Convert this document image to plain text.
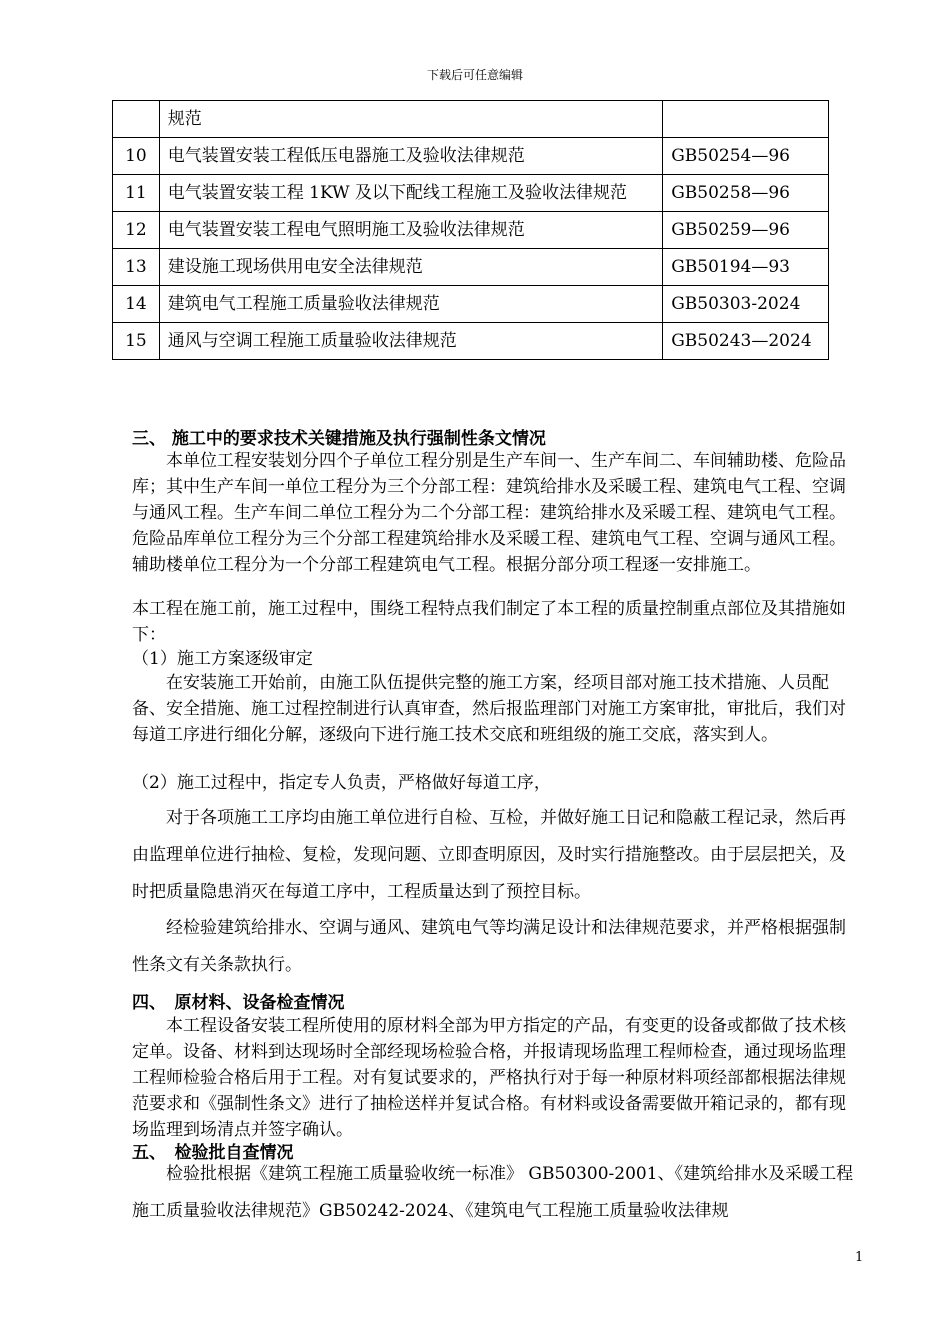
下载后可任意编辑
	规范	
10	电气装置安装工程低压电器施工及验收法律规范	GB50254—96
11	电气装置安装工程 1KW 及以下配线工程施工及验收法律规范	GB50258—96
12	电气装置安装工程电气照明施工及验收法律规范	GB50259—96
13	建设施工现场供用电安全法律规范	GB50194—93
14	建筑电气工程施工质量验收法律规范	GB50303-2024
15	通风与空调工程施工质量验收法律规范	GB50243—2024
三、 施工中的要求技术关键措施及执行强制性条文情况
本单位工程安装划分四个子单位工程分别是生产车间一、生产车间二、车间辅助楼、危险品库；其中生产车间一单位工程分为三个分部工程：建筑给排水及采暖工程、建筑电气工程、空调与通风工程。生产车间二单位工程分为二个分部工程：建筑给排水及采暖工程、建筑电气工程。危险品库单位工程分为三个分部工程建筑给排水及采暖工程、建筑电气工程、空调与通风工程。辅助楼单位工程分为一个分部工程建筑电气工程。根据分部分项工程逐一安排施工。
本工程在施工前，施工过程中，围绕工程特点我们制定了本工程的质量控制重点部位及其措施如下：
（1）施工方案逐级审定
在安装施工开始前，由施工队伍提供完整的施工方案，经项目部对施工技术措施、人员配备、安全措施、施工过程控制进行认真审查，然后报监理部门对施工方案审批，审批后，我们对每道工序进行细化分解，逐级向下进行施工技术交底和班组级的施工交底，落实到人。
（2）施工过程中，指定专人负责，严格做好每道工序，
对于各项施工工序均由施工单位进行自检、互检，并做好施工日记和隐蔽工程记录，然后再由监理单位进行抽检、复检，发现问题、立即查明原因，及时实行措施整改。由于层层把关，及时把质量隐患消灭在每道工序中，工程质量达到了预控目标。
经检验建筑给排水、空调与通风、建筑电气等均满足设计和法律规范要求，并严格根据强制性条文有关条款执行。
四、　原材料、设备检查情况
本工程设备安装工程所使用的原材料全部为甲方指定的产品，有变更的设备或都做了技术核定单。设备、材料到达现场时全部经现场检验合格，并报请现场监理工程师检查，通过现场监理工程师检验合格后用于工程。对有复试要求的，严格执行对于每一种原材料项经部都根据法律规范要求和《强制性条文》进行了抽检送样并复试合格。有材料或设备需要做开箱记录的，都有现场监理到场清点并签字确认。
五、　检验批自查情况
检验批根据《建筑工程施工质量验收统一标准》 GB50300-2001、《建筑给排水及采暖工程施工质量验收法律规范》GB50242-2024、《建筑电气工程施工质量验收法律规
1
